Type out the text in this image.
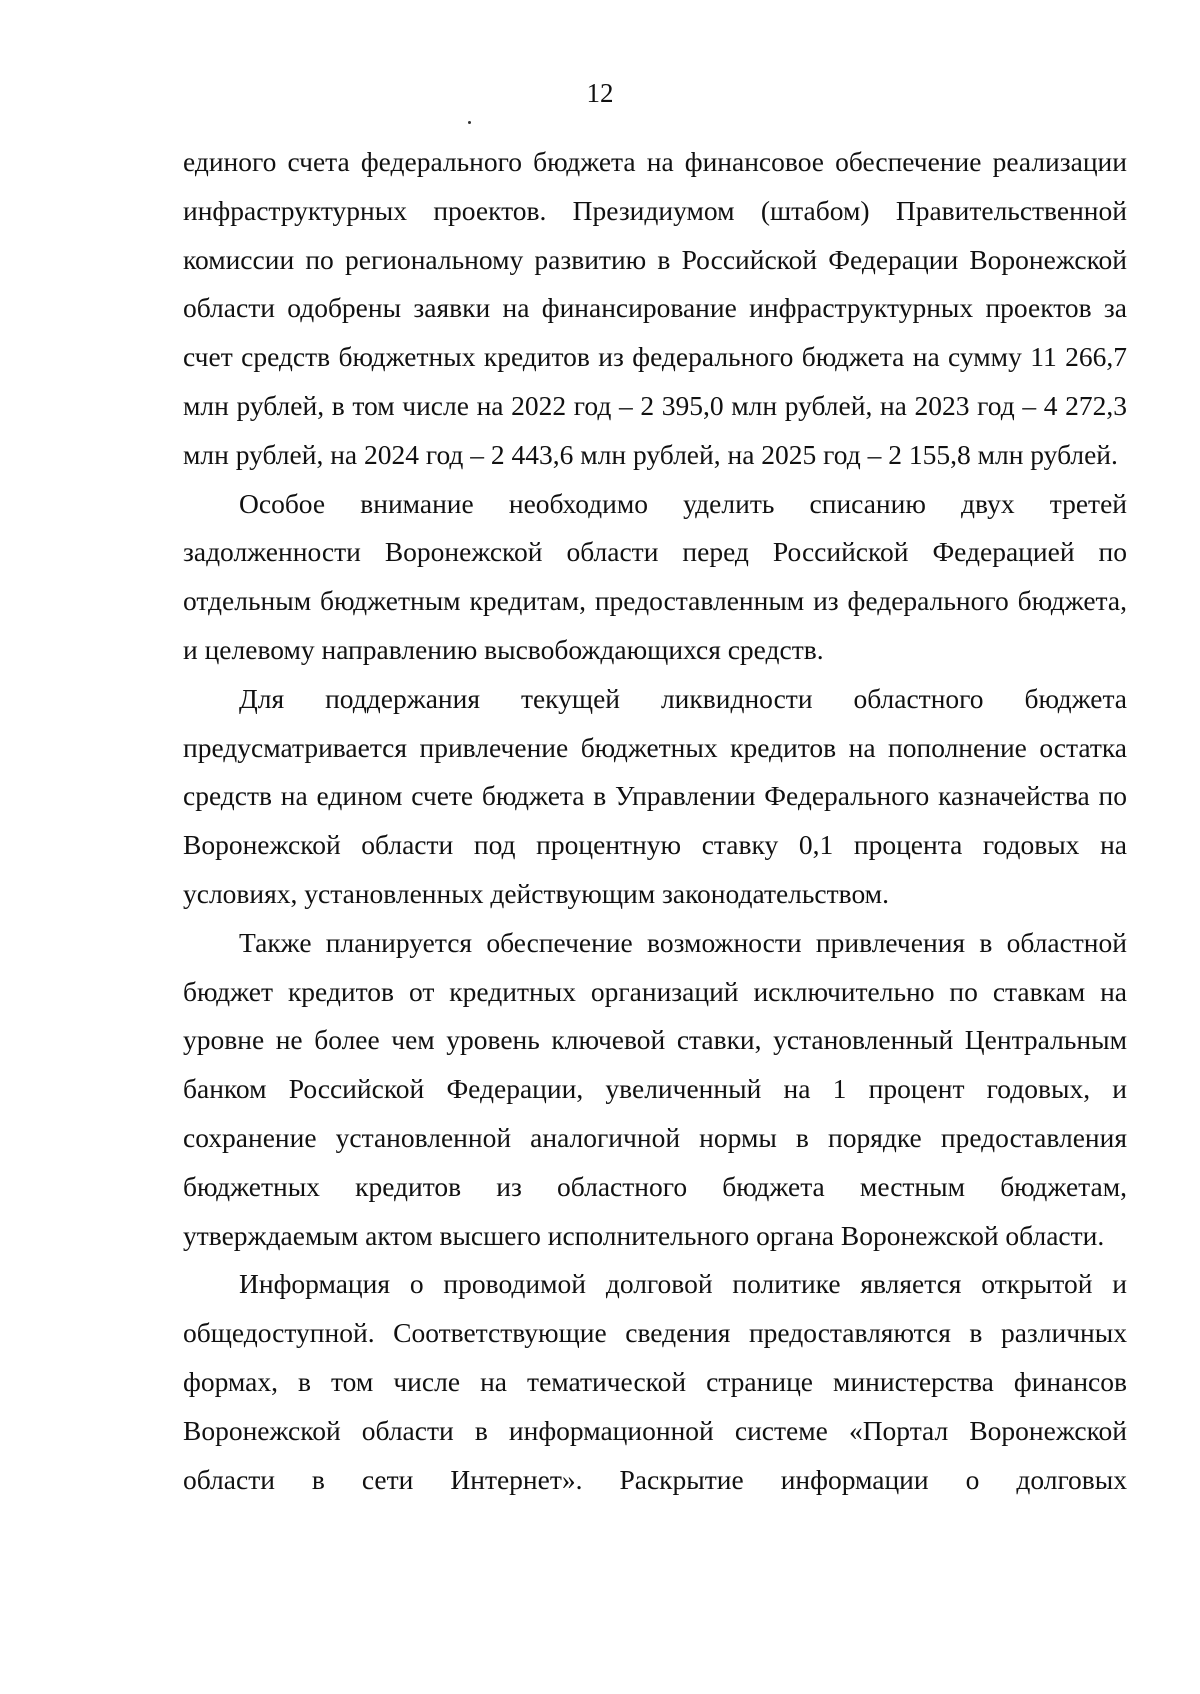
12

единого счета федерального бюджета на финансовое обеспечение реализации инфраструктурных проектов. Президиумом (штабом) Правительственной комиссии по региональному развитию в Российской Федерации Воронежской области одобрены заявки на финансирование инфраструктурных проектов за счет средств бюджетных кредитов из федерального бюджета на сумму 11 266,7 млн рублей, в том числе на 2022 год – 2 395,0 млн рублей, на 2023 год – 4 272,3 млн рублей, на 2024 год – 2 443,6 млн рублей, на 2025 год – 2 155,8 млн рублей.

Особое внимание необходимо уделить списанию двух третей задолженности Воронежской области перед Российской Федерацией по отдельным бюджетным кредитам, предоставленным из федерального бюджета, и целевому направлению высвобождающихся средств.

Для поддержания текущей ликвидности областного бюджета предусматривается привлечение бюджетных кредитов на пополнение остатка средств на едином счете бюджета в Управлении Федерального казначейства по Воронежской области под процентную ставку 0,1 процента годовых на условиях, установленных действующим законодательством.

Также планируется обеспечение возможности привлечения в областной бюджет кредитов от кредитных организаций исключительно по ставкам на уровне не более чем уровень ключевой ставки, установленный Центральным банком Российской Федерации, увеличенный на 1 процент годовых, и сохранение установленной аналогичной нормы в порядке предоставления бюджетных кредитов из областного бюджета местным бюджетам, утверждаемым актом высшего исполнительного органа Воронежской области.

Информация о проводимой долговой политике является открытой и общедоступной. Соответствующие сведения предоставляются в различных формах, в том числе на тематической странице министерства финансов Воронежской области в информационной системе «Портал Воронежской области в сети Интернет». Раскрытие информации о долговых
